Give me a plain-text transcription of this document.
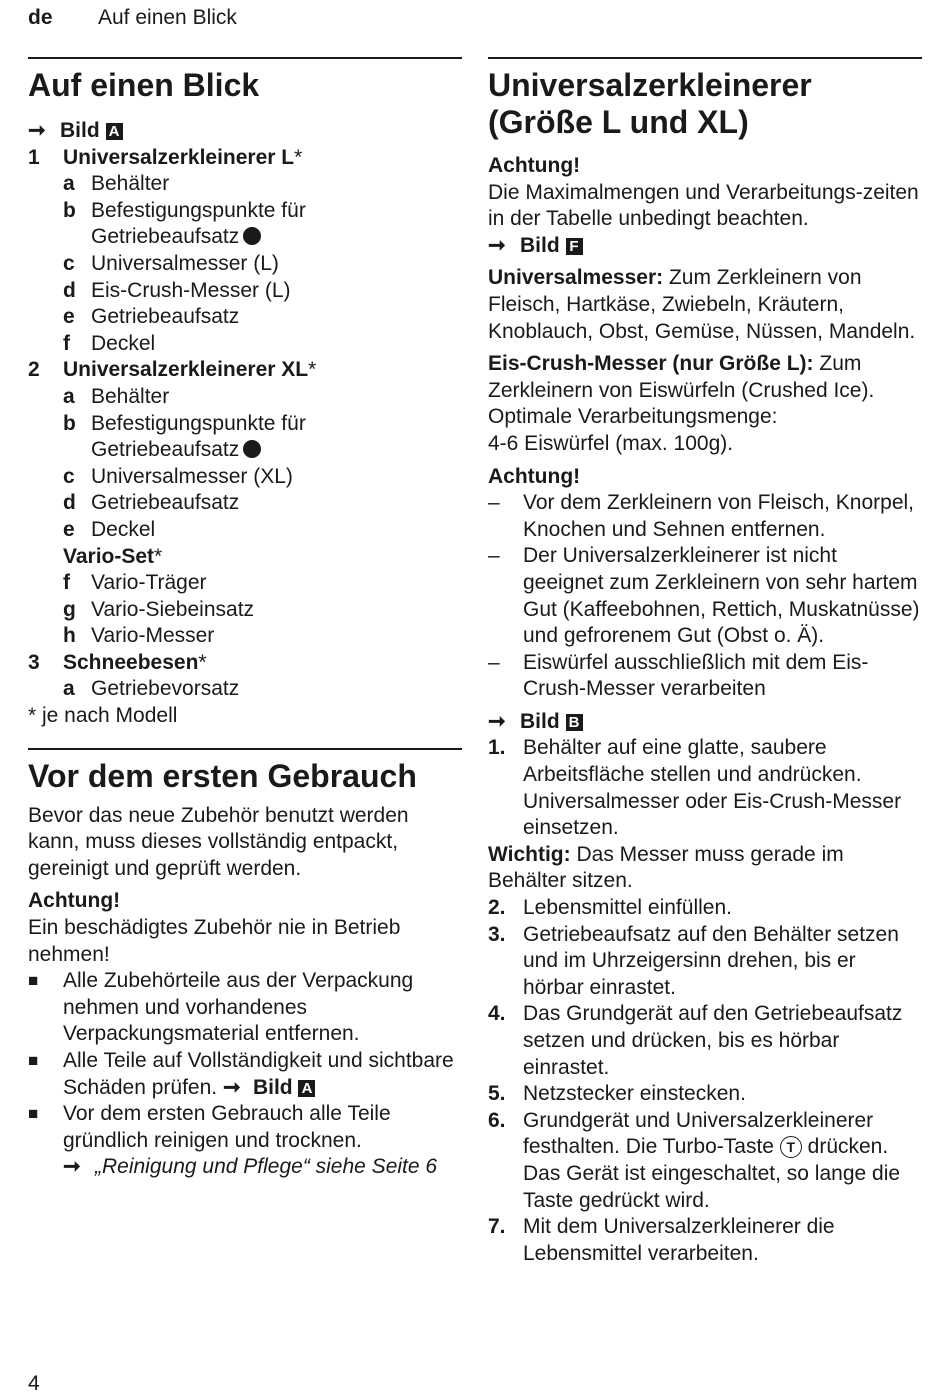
de Auf einen Blick
Auf einen Blick
➞ Bild A
1	Universalzerkleinerer L*
a Behälter
b Befestigungspunkte für
Getriebeaufsatz
c Universalmesser (L)
d Eis-Crush-Messer (L)
e Getriebeaufsatz
f	Deckel
2	Universalzerkleinerer XL*
a Behälter
b Befestigungspunkte für
Getriebeaufsatz
c Universalmesser (XL)
d Getriebeaufsatz
e Deckel
Vario-Set*
f	Vario-Träger
g Vario-Siebeinsatz
h Vario-Messer
3	Schneebesen*
a Getriebevorsatz
* je nach Modell
Vor dem ersten Gebrauch

Bevor das neue Zubehör benutzt werden kann, muss dieses vollständig entpackt, gereinigt und geprüft werden.

Achtung!

Ein beschädigtes Zubehör nie in Betrieb nehmen!

■	Alle Zubehörteile aus der Verpackung nehmen und vorhandenes Verpackungsmaterial entfernen.
■	Alle Teile auf Vollständigkeit und sichtbare Schäden prüfen. ➞ Bild A
■	Vor dem ersten Gebrauch alle Teile gründlich reinigen und trocknen.
➞ „Reinigung und Pflege“ siehe Seite 6
Universalzerkleinerer
(Größe L und XL)

Achtung!

Die Maximalmengen und Verarbeitungs-zeiten in der Tabelle unbedingt beachten.

➞ Bild F

Universalmesser: Zum Zerkleinern von Fleisch, Hartkäse, Zwiebeln, Kräutern, Knoblauch, Obst, Gemüse, Nüssen, Mandeln.

Eis-Crush-Messer (nur Größe L): Zum Zerkleinern von Eiswürfeln (Crushed Ice). Optimale Verarbeitungsmenge:
4-6 Eiswürfel (max. 100g).

Achtung!

–	Vor dem Zerkleinern von Fleisch, Knorpel, Knochen und Sehnen entfernen.
–	Der Universalzerkleinerer ist nicht geeignet zum Zerkleinern von sehr hartem Gut (Kaffeebohnen, Rettich, Muskatnüsse) und gefrorenem Gut (Obst o. Ä).
–	Eiswürfel ausschließlich mit dem Eis-Crush-Messer verarbeiten
➞ Bild B
1. Behälter auf eine glatte, saubere Arbeitsfläche stellen und andrücken. Universalmesser oder Eis-Crush-Messer einsetzen.

Wichtig: Das Messer muss gerade im Behälter sitzen.

2. Lebensmittel einfüllen.
3. Getriebeaufsatz auf den Behälter setzen und im Uhrzeigersinn drehen, bis er hörbar einrastet.
4. Das Grundgerät auf den Getriebeaufsatz setzen und drücken, bis es hörbar einrastet.
5. Netzstecker einstecken.
6. Grundgerät und Universalzerkleinerer festhalten. Die Turbo-Taste T drücken. Das Gerät ist eingeschaltet, so lange die Taste gedrückt wird.
7. Mit dem Universalzerkleinerer die Lebensmittel verarbeiten.
4
